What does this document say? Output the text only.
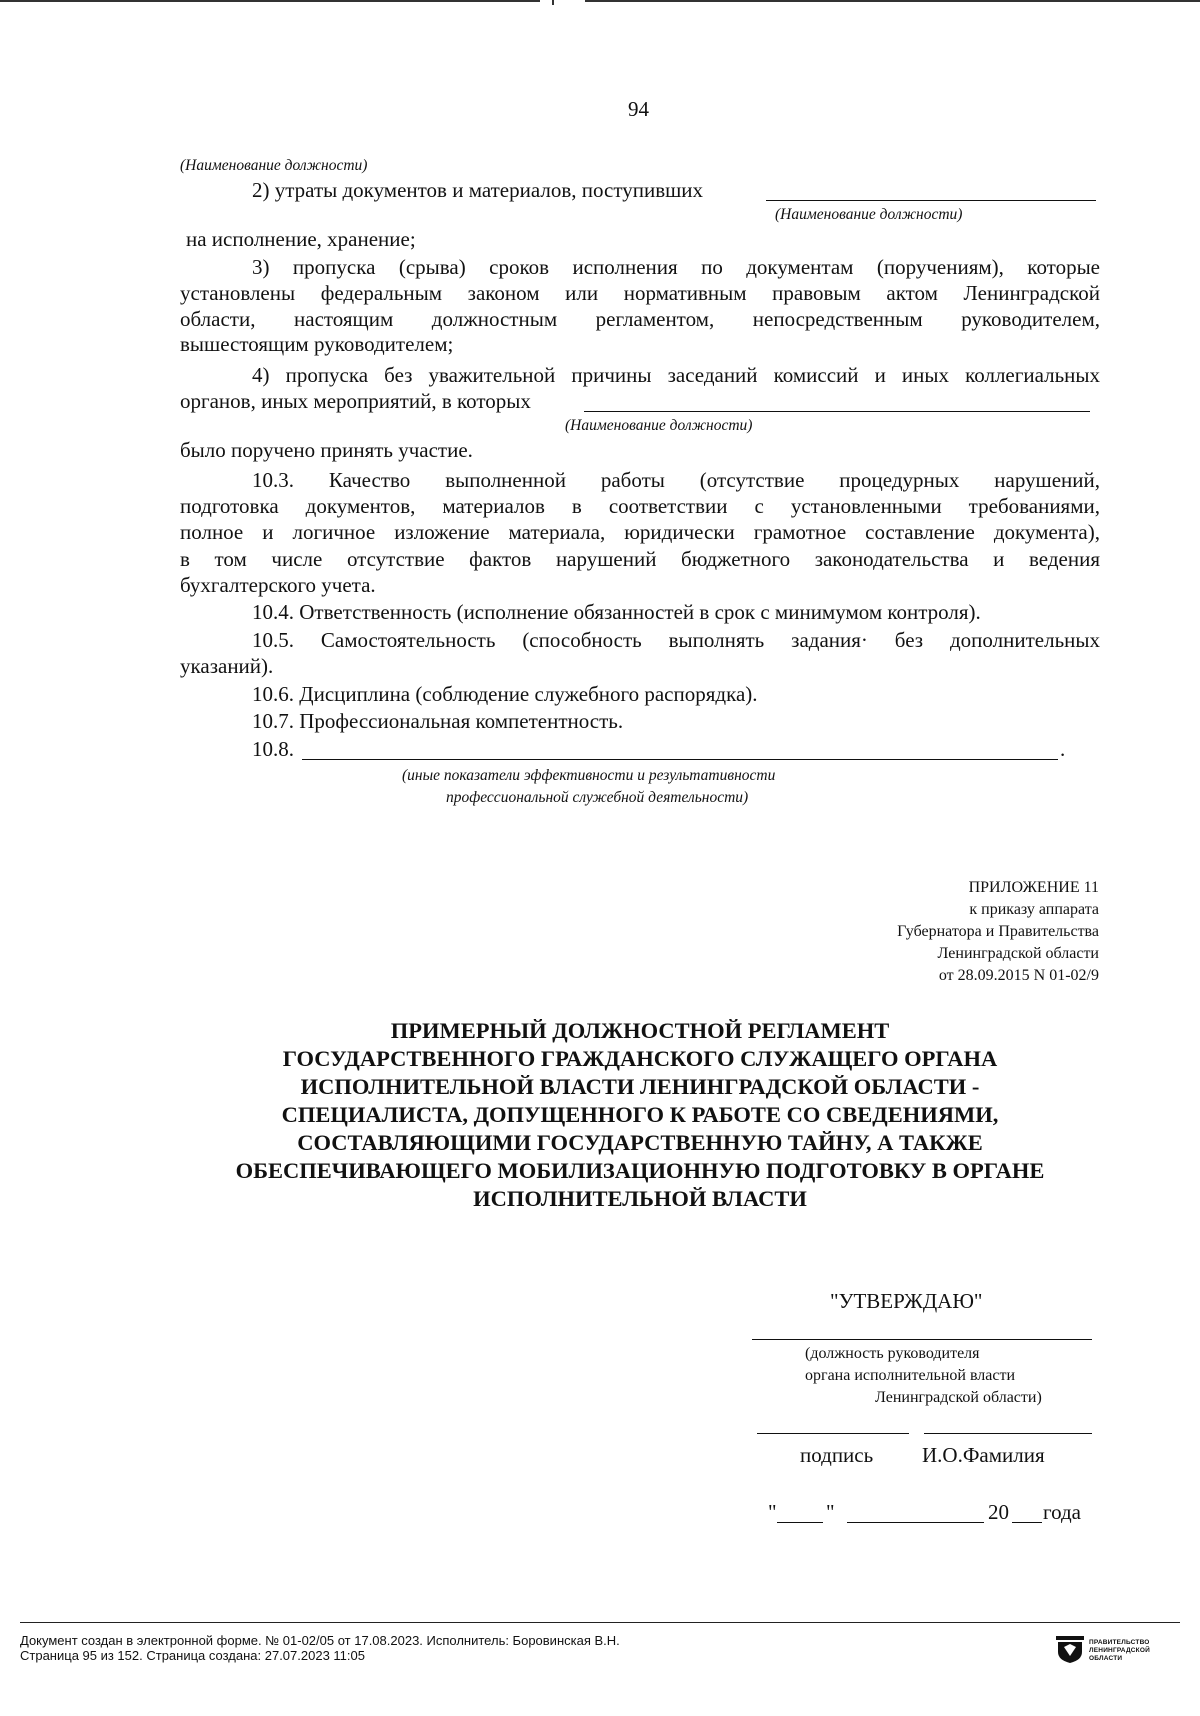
94
(Наименование должности)
2) утраты документов и материалов, поступивших
(Наименование должности)
на исполнение, хранение;
3) пропуска (срыва) сроков исполнения по документам (поручениям), которые
установлены федеральным законом или нормативным правовым актом Ленинградской
области, настоящим должностным регламентом, непосредственным руководителем,
вышестоящим руководителем;
4) пропуска без уважительной причины заседаний комиссий и иных коллегиальных
органов, иных мероприятий, в которых
(Наименование должности)
было поручено принять участие.
10.3. Качество выполненной работы (отсутствие процедурных нарушений,
подготовка документов, материалов в соответствии с установленными требованиями,
полное и логичное изложение материала, юридически грамотное составление документа),
в том числе отсутствие фактов нарушений бюджетного законодательства и ведения
бухгалтерского учета.
10.4. Ответственность (исполнение обязанностей в срок с минимумом контроля).
10.5. Самостоятельность (способность выполнять задания· без дополнительных
указаний).
10.6. Дисциплина (соблюдение служебного распорядка).
10.7. Профессиональная компетентность.
10.8.	.
(иные показатели эффективности и результативности
профессиональной служебной деятельности)
ПРИЛОЖЕНИЕ 11
к приказу аппарата
Губернатора и Правительства
Ленинградской области
от 28.09.2015 N 01-02/9
ПРИМЕРНЫЙ ДОЛЖНОСТНОЙ РЕГЛАМЕНТ
ГОСУДАРСТВЕННОГО ГРАЖДАНСКОГО СЛУЖАЩЕГО ОРГАНА
ИСПОЛНИТЕЛЬНОЙ ВЛАСТИ ЛЕНИНГРАДСКОЙ ОБЛАСТИ -
СПЕЦИАЛИСТА, ДОПУЩЕННОГО К РАБОТЕ СО СВЕДЕНИЯМИ,
СОСТАВЛЯЮЩИМИ ГОСУДАРСТВЕННУЮ ТАЙНУ, А ТАКЖЕ
ОБЕСПЕЧИВАЮЩЕГО МОБИЛИЗАЦИОННУЮ ПОДГОТОВКУ В ОРГАНЕ
ИСПОЛНИТЕЛЬНОЙ ВЛАСТИ
"УТВЕРЖДАЮ"
(должность руководителя
органа исполнительной власти
Ленинградской области)
подпись И.О.Фамилия
" "	20 года
Документ создан в электронной форме. № 01-02/05 от 17.08.2023. Исполнитель: Боровинская В.Н.
Страница 95 из 152. Страница создана: 27.07.2023 11:05
ПРАВИТЕЛЬСТВО
ЛЕНИНГРАДСКОЙ
ОБЛАСТИ
